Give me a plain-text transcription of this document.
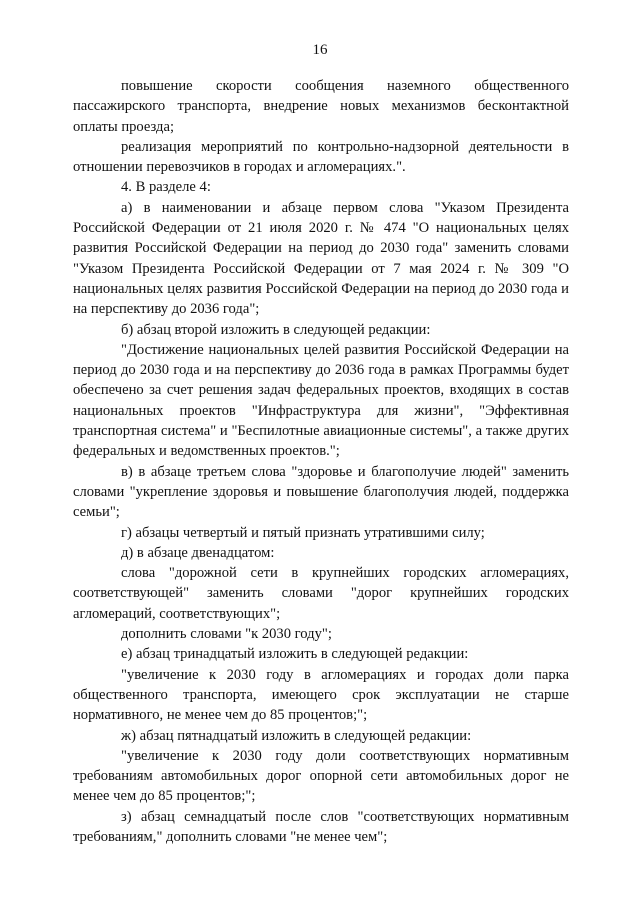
16

повышение скорости сообщения наземного общественного пассажирского транспорта, внедрение новых механизмов бесконтактной оплаты проезда;

реализация мероприятий по контрольно-надзорной деятельности в отношении перевозчиков в городах и агломерациях.".

4. В разделе 4:

а) в наименовании и абзаце первом слова "Указом Президента Российской Федерации от 21 июля 2020 г. № 474 "О национальных целях развития Российской Федерации на период до 2030 года" заменить словами "Указом Президента Российской Федерации от 7 мая 2024 г. № 309 "О национальных целях развития Российской Федерации на период до 2030 года и на перспективу до 2036 года";

б) абзац второй изложить в следующей редакции:

"Достижение национальных целей развития Российской Федерации на период до 2030 года и на перспективу до 2036 года в рамках Программы будет обеспечено за счет решения задач федеральных проектов, входящих в состав национальных проектов "Инфраструктура для жизни", "Эффективная транспортная система" и "Беспилотные авиационные системы", а также других федеральных и ведомственных проектов.";

в) в абзаце третьем слова "здоровье и благополучие людей" заменить словами "укрепление здоровья и повышение благополучия людей, поддержка семьи";

г) абзацы четвертый и пятый признать утратившими силу;

д) в абзаце двенадцатом:

слова "дорожной сети в крупнейших городских агломерациях, соответствующей" заменить словами "дорог крупнейших городских агломераций, соответствующих";

дополнить словами "к 2030 году";

е) абзац тринадцатый изложить в следующей редакции:

"увеличение к 2030 году в агломерациях и городах доли парка общественного транспорта, имеющего срок эксплуатации не старше нормативного, не менее чем до 85 процентов;";

ж) абзац пятнадцатый изложить в следующей редакции:

"увеличение к 2030 году доли соответствующих нормативным требованиям автомобильных дорог опорной сети автомобильных дорог не менее чем до 85 процентов;";

з) абзац семнадцатый после слов "соответствующих нормативным требованиям," дополнить словами "не менее чем";
